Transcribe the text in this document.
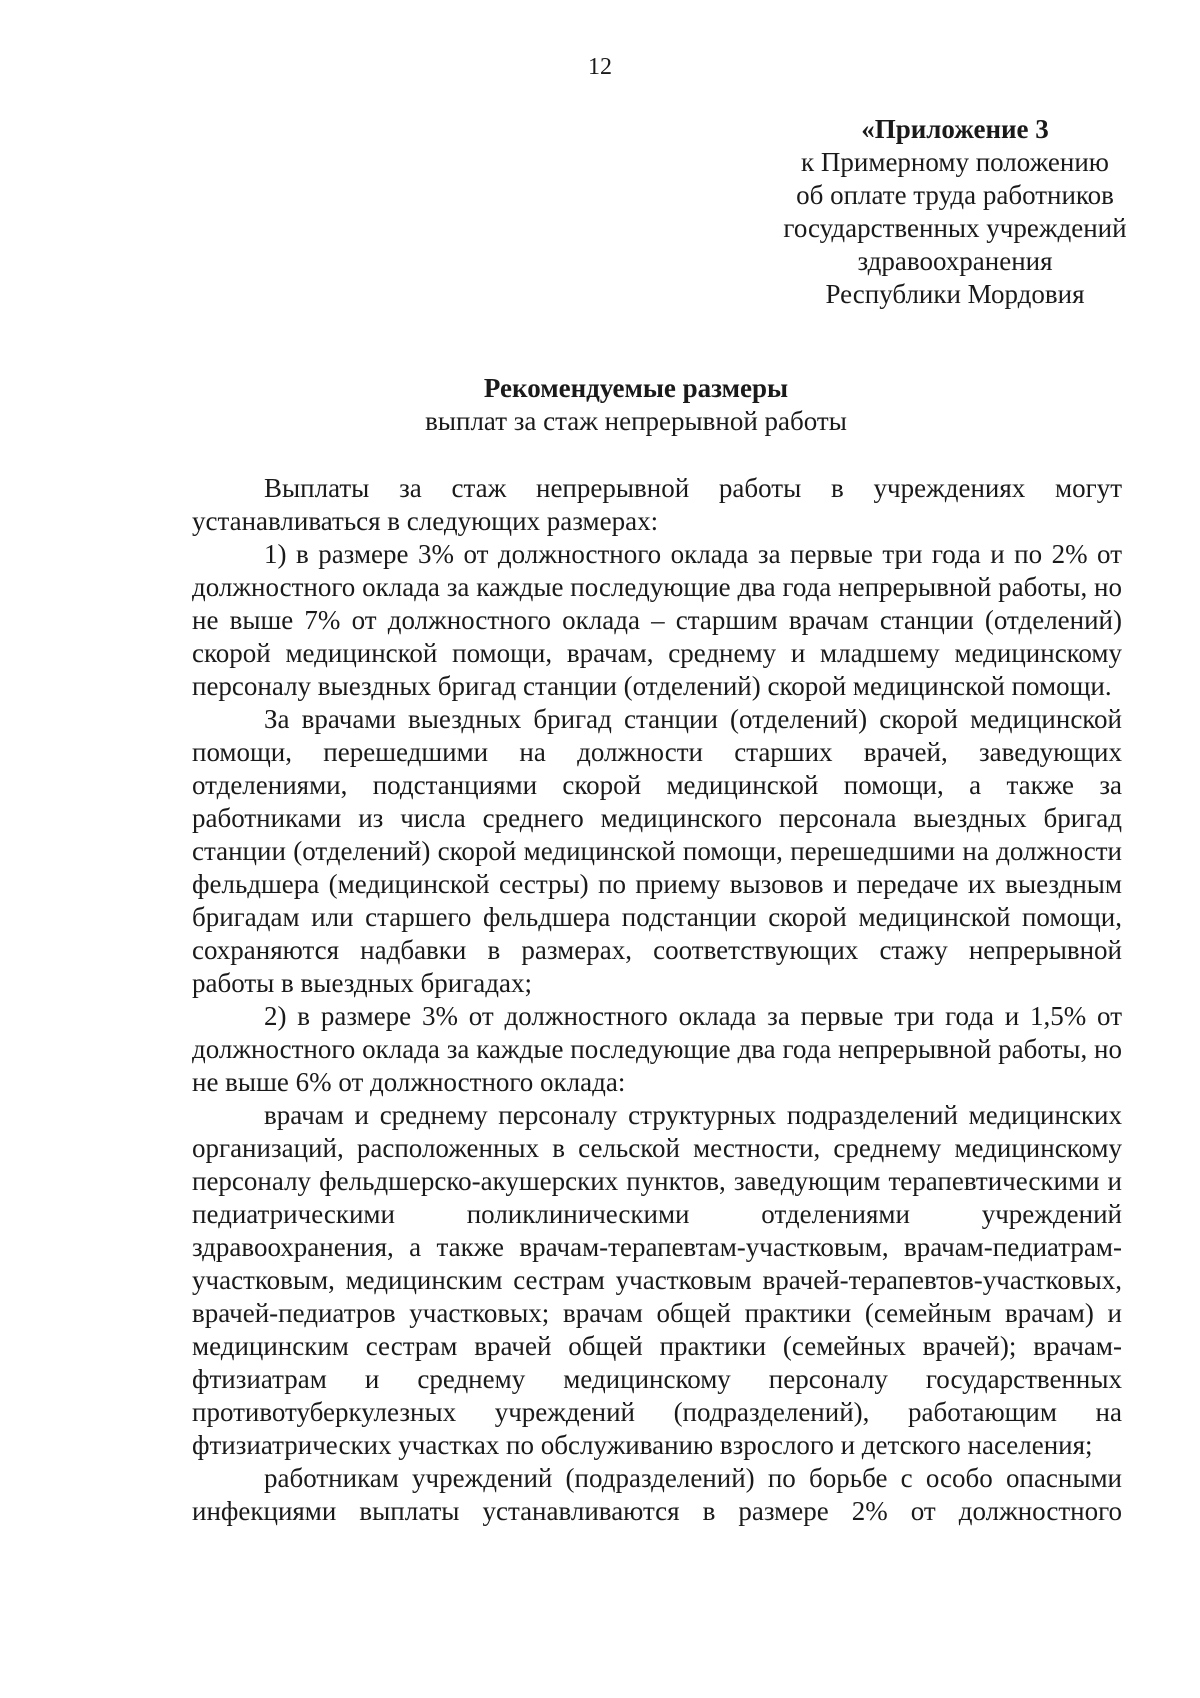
12
«Приложение 3
к Примерному положению
об оплате труда работников
государственных учреждений
здравоохранения
Республики Мордовия
Рекомендуемые размеры
выплат за стаж непрерывной работы

Выплаты за стаж непрерывной работы в учреждениях могут устанавливаться в следующих размерах:

1) в размере 3% от должностного оклада за первые три года и по 2% от должностного оклада за каждые последующие два года непрерывной работы, но не выше 7% от должностного оклада – старшим врачам станции (отделений) скорой медицинской помощи, врачам, среднему и младшему медицинскому персоналу выездных бригад станции (отделений) скорой медицинской помощи.

За врачами выездных бригад станции (отделений) скорой медицинской помощи, перешедшими на должности старших врачей, заведующих отделениями, подстанциями скорой медицинской помощи, а также за работниками из числа среднего медицинского персонала выездных бригад станции (отделений) скорой медицинской помощи, перешедшими на должности фельдшера (медицинской сестры) по приему вызовов и передаче их выездным бригадам или старшего фельдшера подстанции скорой медицинской помощи, сохраняются надбавки в размерах, соответствующих стажу непрерывной работы в выездных бригадах;

2) в размере 3% от должностного оклада за первые три года и 1,5% от должностного оклада за каждые последующие два года непрерывной работы, но не выше 6% от должностного оклада:

врачам и среднему персоналу структурных подразделений медицинских организаций, расположенных в сельской местности, среднему медицинскому персоналу фельдшерско-акушерских пунктов, заведующим терапевтическими и педиатрическими поликлиническими отделениями учреждений здравоохранения, а также врачам-терапевтам-участковым, врачам-педиатрам-участковым, медицинским сестрам участковым врачей-терапевтов-участковых, врачей-педиатров участковых; врачам общей практики (семейным врачам) и медицинским сестрам врачей общей практики (семейных врачей); врачам-фтизиатрам и среднему медицинскому персоналу государственных противотуберкулезных учреждений (подразделений), работающим на фтизиатрических участках по обслуживанию взрослого и детского населения;

работникам учреждений (подразделений) по борьбе с особо опасными инфекциями выплаты устанавливаются в размере 2% от должностного
